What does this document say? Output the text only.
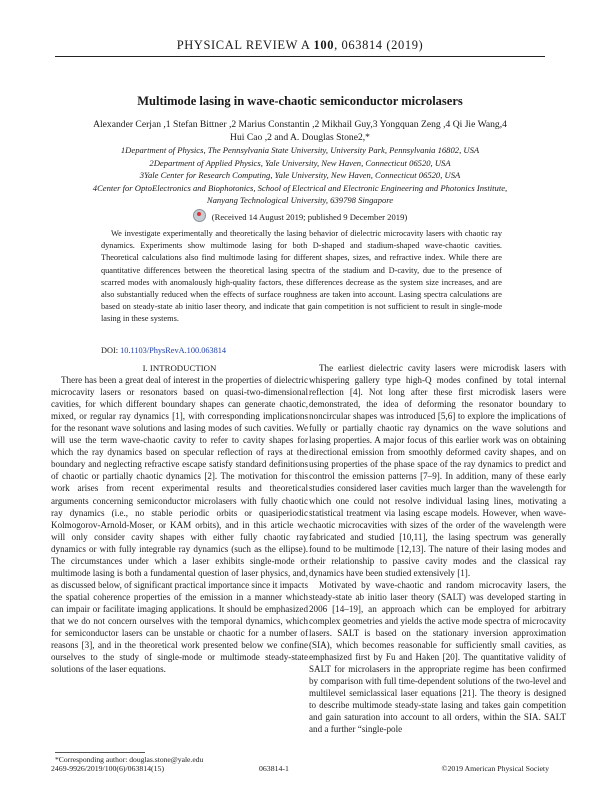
PHYSICAL REVIEW A 100, 063814 (2019)
Multimode lasing in wave-chaotic semiconductor microlasers
Alexander Cerjan ,1 Stefan Bittner ,2 Marius Constantin ,2 Mikhail Guy,3 Yongquan Zeng ,4 Qi Jie Wang,4
Hui Cao ,2 and A. Douglas Stone2,*
1Department of Physics, The Pennsylvania State University, University Park, Pennsylvania 16802, USA
2Department of Applied Physics, Yale University, New Haven, Connecticut 06520, USA
3Yale Center for Research Computing, Yale University, New Haven, Connecticut 06520, USA
4Center for OptoElectronics and Biophotonics, School of Electrical and Electronic Engineering and Photonics Institute,
Nanyang Technological University, 639798 Singapore
(Received 14 August 2019; published 9 December 2019)

We investigate experimentally and theoretically the lasing behavior of dielectric microcavity lasers with chaotic ray dynamics. Experiments show multimode lasing for both D-shaped and stadium-shaped wave-chaotic cavities. Theoretical calculations also find multimode lasing for different shapes, sizes, and refractive index. While there are quantitative differences between the theoretical lasing spectra of the stadium and D-cavity, due to the presence of scarred modes with anomalously high-quality factors, these differences decrease as the system size increases, and are also substantially reduced when the effects of surface roughness are taken into account. Lasing spectra calculations are based on steady-state ab initio laser theory, and indicate that gain competition is not sufficient to result in single-mode lasing in these systems.

DOI: 10.1103/PhysRevA.100.063814

I. INTRODUCTION

There has been a great deal of interest in the properties of dielectric microcavity lasers or resonators based on quasi-two-dimensional cavities, for which different boundary shapes can generate chaotic, mixed, or regular ray dynamics [1], with corresponding implications for the resonant wave solutions and lasing modes of such cavities. We will use the term wave-chaotic cavity to refer to cavity shapes for which the ray dynamics based on specular reflection of rays at the boundary and neglecting refractive escape satisfy standard definitions of chaotic or partially chaotic dynamics [2]. The motivation for this work arises from recent experimental results and theoretical arguments concerning semiconductor microlasers with fully chaotic ray dynamics (i.e., no stable periodic orbits or quasiperiodic Kolmogorov-Arnold-Moser, or KAM orbits), and in this article we will only consider cavity shapes with either fully chaotic ray dynamics or with fully integrable ray dynamics (such as the ellipse). The circumstances under which a laser exhibits single-mode or multimode lasing is both a fundamental question of laser physics, and, as discussed below, of significant practical importance since it impacts the spatial coherence properties of the emission in a manner which can impair or facilitate imaging applications. It should be emphasized that we do not concern ourselves with the temporal dynamics, which for semiconductor lasers can be unstable or chaotic for a number of reasons [3], and in the theoretical work presented below we confine ourselves to the study of single-mode or multimode steady-state solutions of the laser equations.

The earliest dielectric cavity lasers were microdisk lasers with whispering gallery type high-Q modes confined by total internal reflection [4]. Not long after these first microdisk lasers were demonstrated, the idea of deforming the resonator boundary to noncircular shapes was introduced [5,6] to explore the implications of fully or partially chaotic ray dynamics on the wave solutions and lasing properties. A major focus of this earlier work was on obtaining directional emission from smoothly deformed cavity shapes, and on using properties of the phase space of the ray dynamics to predict and control the emission patterns [7–9]. In addition, many of these early studies considered laser cavities much larger than the wavelength for which one could not resolve individual lasing lines, motivating a statistical treatment via lasing escape models. However, when wave-chaotic microcavities with sizes of the order of the wavelength were fabricated and studied [10,11], the lasing spectrum was generally found to be multimode [12,13]. The nature of their lasing modes and their relationship to passive cavity modes and the classical ray dynamics have been studied extensively [1].

Motivated by wave-chaotic and random microcavity lasers, the steady-state ab initio laser theory (SALT) was developed starting in 2006 [14–19], an approach which can be employed for arbitrary complex geometries and yields the active mode spectra of microcavity lasers. SALT is based on the stationary inversion approximation (SIA), which becomes reasonable for sufficiently small cavities, as emphasized first by Fu and Haken [20]. The quantitative validity of SALT for microlasers in the appropriate regime has been confirmed by comparison with full time-dependent solutions of the two-level and multilevel semiclassical laser equations [21]. The theory is designed to describe multimode steady-state lasing and takes gain competition and gain saturation into account to all orders, within the SIA. SALT and a further “single-pole

2469-9926/2019/100(6)/063814(15)	063814-1	©2019 American Physical Society
*Corresponding author: douglas.stone@yale.edu
